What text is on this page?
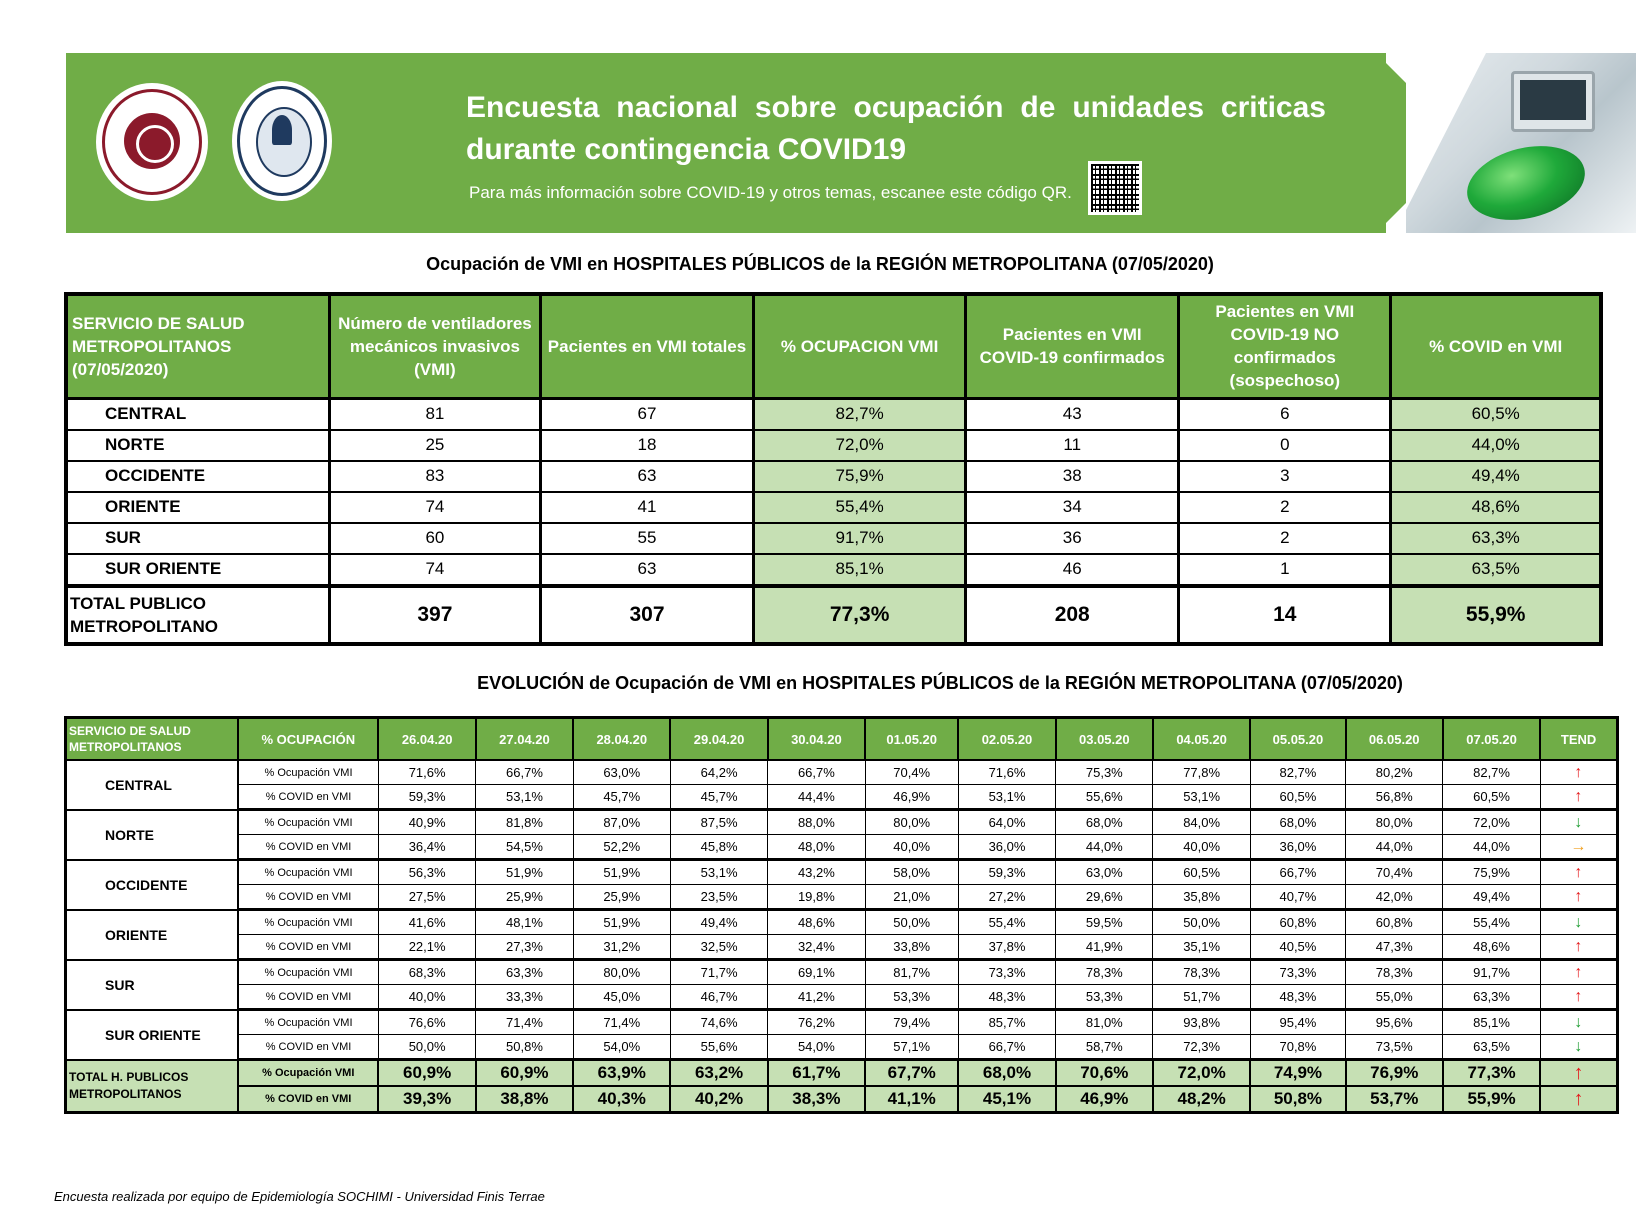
Encuesta nacional sobre ocupación de unidades criticas durante contingencia COVID19
Para más información sobre COVID-19 y otros temas, escanee este código QR.
Ocupación de VMI en HOSPITALES PÚBLICOS de la REGIÓN METROPOLITANA (07/05/2020)
SERVICIO DE SALUD METROPOLITANOS (07/05/2020)	Número de ventiladores mecánicos invasivos (VMI)	Pacientes en VMI totales	% OCUPACION VMI	Pacientes en VMI COVID-19 confirmados	Pacientes en VMI COVID-19 NO confirmados (sospechoso)	% COVID en VMI
CENTRAL	81	67	82,7%	43	6	60,5%
NORTE	25	18	72,0%	11	0	44,0%
OCCIDENTE	83	63	75,9%	38	3	49,4%
ORIENTE	74	41	55,4%	34	2	48,6%
SUR	60	55	91,7%	36	2	63,3%
SUR ORIENTE	74	63	85,1%	46	1	63,5%
TOTAL PUBLICO METROPOLITANO	397	307	77,3%	208	14	55,9%
EVOLUCIÓN de Ocupación de VMI en HOSPITALES PÚBLICOS de la REGIÓN METROPOLITANA (07/05/2020)
SERVICIO DE SALUD METROPOLITANOS	% OCUPACIÓN	26.04.20	27.04.20	28.04.20	29.04.20	30.04.20	01.05.20	02.05.20	03.05.20	04.05.20	05.05.20	06.05.20	07.05.20	TEND
CENTRAL	% Ocupación VMI	71,6%	66,7%	63,0%	64,2%	66,7%	70,4%	71,6%	75,3%	77,8%	82,7%	80,2%	82,7%	↑
	% COVID en VMI	59,3%	53,1%	45,7%	45,7%	44,4%	46,9%	53,1%	55,6%	53,1%	60,5%	56,8%	60,5%	↑
NORTE	% Ocupación VMI	40,9%	81,8%	87,0%	87,5%	88,0%	80,0%	64,0%	68,0%	84,0%	68,0%	80,0%	72,0%	↓
	% COVID en VMI	36,4%	54,5%	52,2%	45,8%	48,0%	40,0%	36,0%	44,0%	40,0%	36,0%	44,0%	44,0%	→
OCCIDENTE	% Ocupación VMI	56,3%	51,9%	51,9%	53,1%	43,2%	58,0%	59,3%	63,0%	60,5%	66,7%	70,4%	75,9%	↑
	% COVID en VMI	27,5%	25,9%	25,9%	23,5%	19,8%	21,0%	27,2%	29,6%	35,8%	40,7%	42,0%	49,4%	↑
ORIENTE	% Ocupación VMI	41,6%	48,1%	51,9%	49,4%	48,6%	50,0%	55,4%	59,5%	50,0%	60,8%	60,8%	55,4%	↓
	% COVID en VMI	22,1%	27,3%	31,2%	32,5%	32,4%	33,8%	37,8%	41,9%	35,1%	40,5%	47,3%	48,6%	↑
SUR	% Ocupación VMI	68,3%	63,3%	80,0%	71,7%	69,1%	81,7%	73,3%	78,3%	78,3%	73,3%	78,3%	91,7%	↑
	% COVID en VMI	40,0%	33,3%	45,0%	46,7%	41,2%	53,3%	48,3%	53,3%	51,7%	48,3%	55,0%	63,3%	↑
SUR ORIENTE	% Ocupación VMI	76,6%	71,4%	71,4%	74,6%	76,2%	79,4%	85,7%	81,0%	93,8%	95,4%	95,6%	85,1%	↓
	% COVID en VMI	50,0%	50,8%	54,0%	55,6%	54,0%	57,1%	66,7%	58,7%	72,3%	70,8%	73,5%	63,5%	↓
TOTAL H. PUBLICOS METROPOLITANOS	% Ocupación VMI	60,9%	60,9%	63,9%	63,2%	61,7%	67,7%	68,0%	70,6%	72,0%	74,9%	76,9%	77,3%	↑
	% COVID en VMI	39,3%	38,8%	40,3%	40,2%	38,3%	41,1%	45,1%	46,9%	48,2%	50,8%	53,7%	55,9%	↑
Encuesta realizada por equipo de Epidemiología SOCHIMI - Universidad Finis Terrae
